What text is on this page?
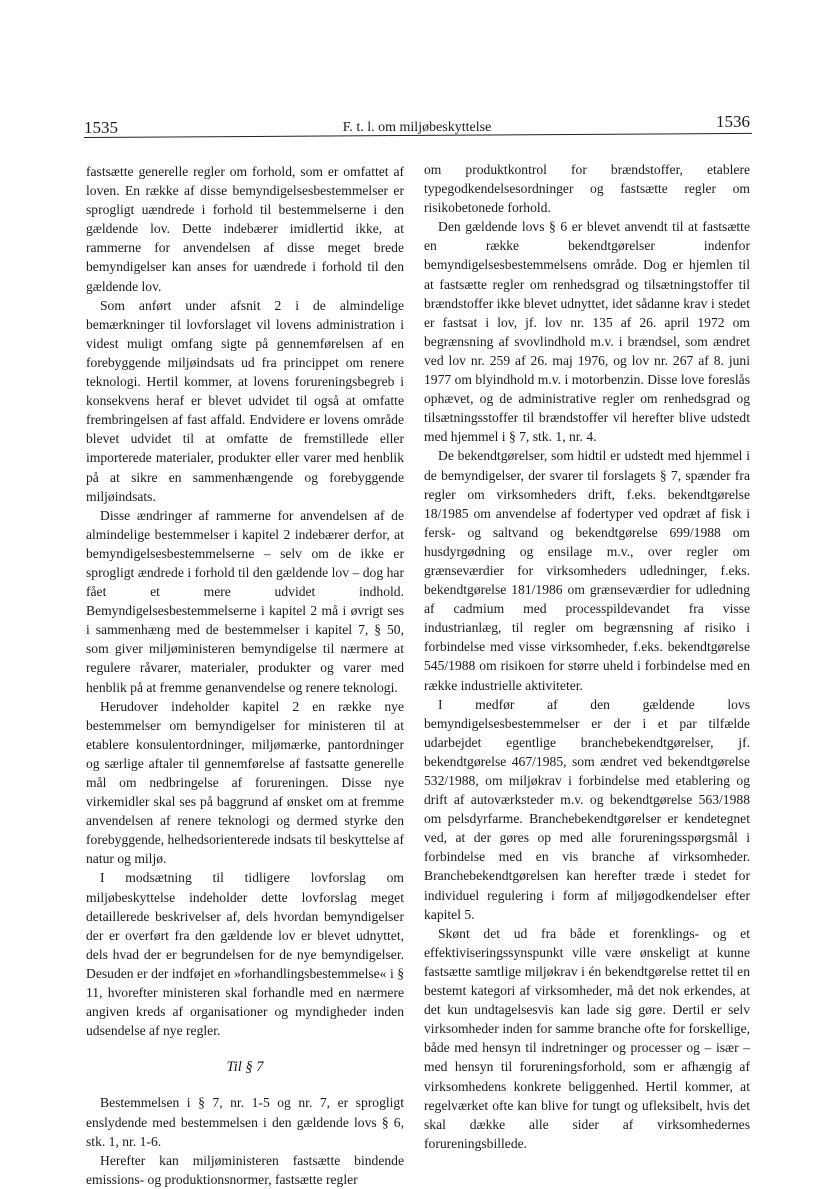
1535	F. t. l. om miljøbeskyttelse	1536

fastsætte generelle regler om forhold, som er omfattet af loven. En række af disse bemyndigelsesbestemmelser er sprogligt uændrede i forhold til bestemmelserne i den gældende lov. Dette indebærer imidlertid ikke, at rammerne for anvendelsen af disse meget brede bemyndigelser kan anses for uændrede i forhold til den gældende lov.

Som anført under afsnit 2 i de almindelige bemærkninger til lovforslaget vil lovens administration i videst muligt omfang sigte på gennemførelsen af en forebyggende miljøindsats ud fra princippet om renere teknologi. Hertil kommer, at lovens forureningsbegreb i konsekvens heraf er blevet udvidet til også at omfatte frembringelsen af fast affald. Endvidere er lovens område blevet udvidet til at omfatte de fremstillede eller importerede materialer, produkter eller varer med henblik på at sikre en sammenhængende og forebyggende miljøindsats.

Disse ændringer af rammerne for anvendelsen af de almindelige bestemmelser i kapitel 2 indebærer derfor, at bemyndigelsesbestemmelserne – selv om de ikke er sprogligt ændrede i forhold til den gældende lov – dog har fået et mere udvidet indhold. Bemyndigelsesbestemmelserne i kapitel 2 må i øvrigt ses i sammenhæng med de bestemmelser i kapitel 7, § 50, som giver miljøministeren bemyndigelse til nærmere at regulere råvarer, materialer, produkter og varer med henblik på at fremme genanvendelse og renere teknologi.

Herudover indeholder kapitel 2 en række nye bestemmelser om bemyndigelser for ministeren til at etablere konsulentordninger, miljømærke, pantordninger og særlige aftaler til gennemførelse af fastsatte generelle mål om nedbringelse af forureningen. Disse nye virkemidler skal ses på baggrund af ønsket om at fremme anvendelsen af renere teknologi og dermed styrke den forebyggende, helhedsorienterede indsats til beskyttelse af natur og miljø.

I modsætning til tidligere lovforslag om miljøbeskyttelse indeholder dette lovforslag meget detaillerede beskrivelser af, dels hvordan bemyndigelser der er overført fra den gældende lov er blevet udnyttet, dels hvad der er begrundelsen for de nye bemyndigelser. Desuden er der indføjet en »forhandlingsbestemmelse« i § 11, hvorefter ministeren skal forhandle med en nærmere angiven kreds af organisationer og myndigheder inden udsendelse af nye regler.

Til § 7

Bestemmelsen i § 7, nr. 1-5 og nr. 7, er sprogligt enslydende med bestemmelsen i den gældende lovs § 6, stk. 1, nr. 1-6.

Herefter kan miljøministeren fastsætte bindende emissions- og produktionsnormer, fastsætte regler

om produktkontrol for brændstoffer, etablere typegodkendelsesordninger og fastsætte regler om risikobetonede forhold.

Den gældende lovs § 6 er blevet anvendt til at fastsætte en række bekendtgørelser indenfor bemyndigelsesbestemmelsens område. Dog er hjemlen til at fastsætte regler om renhedsgrad og tilsætningstoffer til brændstoffer ikke blevet udnyttet, idet sådanne krav i stedet er fastsat i lov, jf. lov nr. 135 af 26. april 1972 om begrænsning af svovlindhold m.v. i brændsel, som ændret ved lov nr. 259 af 26. maj 1976, og lov nr. 267 af 8. juni 1977 om blyindhold m.v. i motorbenzin. Disse love foreslås ophævet, og de administrative regler om renhedsgrad og tilsætningsstoffer til brændstoffer vil herefter blive udstedt med hjemmel i § 7, stk. 1, nr. 4.

De bekendtgørelser, som hidtil er udstedt med hjemmel i de bemyndigelser, der svarer til forslagets § 7, spænder fra regler om virksomheders drift, f.eks. bekendtgørelse 18/1985 om anvendelse af fodertyper ved opdræt af fisk i fersk- og saltvand og bekendtgørelse 699/1988 om husdyrgødning og ensilage m.v., over regler om grænseværdier for virksomheders udledninger, f.eks. bekendtgørelse 181/1986 om grænseværdier for udledning af cadmium med processpildevandet fra visse industrianlæg, til regler om begrænsning af risiko i forbindelse med visse virksomheder, f.eks. bekendtgørelse 545/1988 om risikoen for større uheld i forbindelse med en række industrielle aktiviteter.

I medfør af den gældende lovs bemyndigelsesbestemmelser er der i et par tilfælde udarbejdet egentlige branchebekendtgørelser, jf. bekendtgørelse 467/1985, som ændret ved bekendtgørelse 532/1988, om miljøkrav i forbindelse med etablering og drift af autoværksteder m.v. og bekendtgørelse 563/1988 om pelsdyrfarme. Branchebekendtgørelser er kendetegnet ved, at der gøres op med alle forureningsspørgsmål i forbindelse med en vis branche af virksomheder. Branchebekendtgørelsen kan herefter træde i stedet for individuel regulering i form af miljøgodkendelser efter kapitel 5.

Skønt det ud fra både et forenklings- og et effektiviseringssynspunkt ville være ønskeligt at kunne fastsætte samtlige miljøkrav i én bekendtgørelse rettet til en bestemt kategori af virksomheder, må det nok erkendes, at det kun undtagelsesvis kan lade sig gøre. Dertil er selv virksomheder inden for samme branche ofte for forskellige, både med hensyn til indretninger og processer og – især – med hensyn til forureningsforhold, som er afhængig af virksomhedens konkrete beliggenhed. Hertil kommer, at regelværket ofte kan blive for tungt og ufleksibelt, hvis det skal dække alle sider af virksomhedernes forureningsbillede.
